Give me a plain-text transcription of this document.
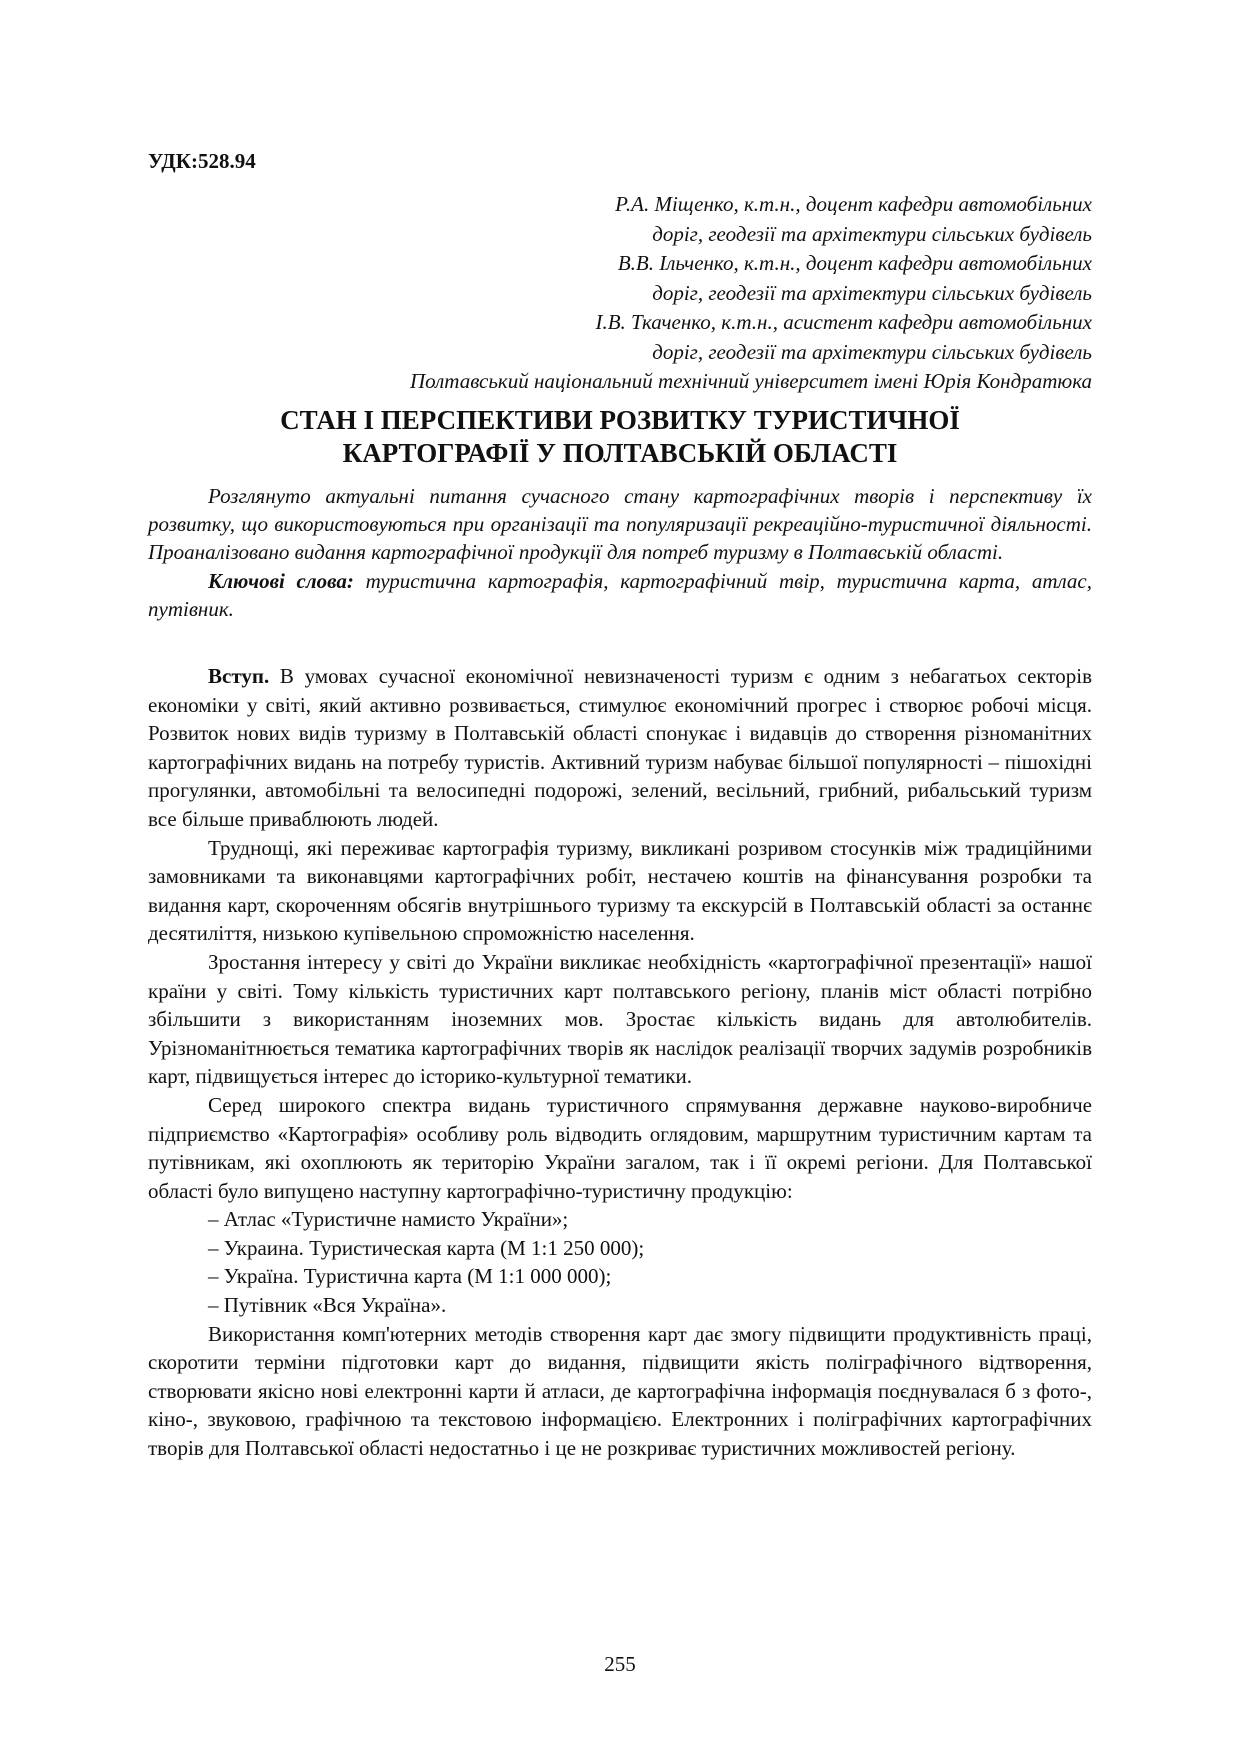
УДК:528.94
Р.А. Міщенко, к.т.н., доцент кафедри автомобільних
доріг, геодезії та архітектури сільських будівель
В.В. Ільченко, к.т.н., доцент кафедри автомобільних
доріг, геодезії та архітектури сільських будівель
І.В. Ткаченко, к.т.н., асистент кафедри автомобільних
доріг, геодезії та архітектури сільських будівель
Полтавський національний технічний університет імені Юрія Кондратюка
СТАН І ПЕРСПЕКТИВИ РОЗВИТКУ ТУРИСТИЧНОЇ
КАРТОГРАФІЇ У ПОЛТАВСЬКІЙ ОБЛАСТІ

Розглянуто актуальні питання сучасного стану картографічних творів і перспективу їх розвитку, що використовуються при організації та популяризації рекреаційно-туристичної діяльності. Проаналізовано видання картографічної продукції для потреб туризму в Полтавській області.

Ключові слова: туристична картографія, картографічний твір, туристична карта, атлас, путівник.

Вступ. В умовах сучасної економічної невизначеності туризм є одним з небагатьох секторів економіки у світі, який активно розвивається, стимулює економічний прогрес і створює робочі місця. Розвиток нових видів туризму в Полтавській області спонукає і видавців до створення різноманітних картографічних видань на потребу туристів. Активний туризм набуває більшої популярності – пішохідні прогулянки, автомобільні та велосипедні подорожі, зелений, весільний, грибний, рибальський туризм все більше приваблюють людей.

Труднощі, які переживає картографія туризму, викликані розривом стосунків між традиційними замовниками та виконавцями картографічних робіт, нестачею коштів на фінансування розробки та видання карт, скороченням обсягів внутрішнього туризму та екскурсій в Полтавській області за останнє десятиліття, низькою купівельною спроможністю населення.

Зростання інтересу у світі до України викликає необхідність «картографічної презентації» нашої країни у світі. Тому кількість туристичних карт полтавського регіону, планів міст області потрібно збільшити з використанням іноземних мов. Зростає кількість видань для автолюбителів. Урізноманітнюється тематика картографічних творів як наслідок реалізації творчих задумів розробників карт, підвищується інтерес до історико-культурної тематики.

Серед широкого спектра видань туристичного спрямування державне науково-виробниче підприємство «Картографія» особливу роль відводить оглядовим, маршрутним туристичним картам та путівникам, які охоплюють як територію України загалом, так і її окремі регіони. Для Полтавської області було випущено наступну картографічно-туристичну продукцію:

– Атлас «Туристичне намисто України»;
– Украина. Туристическая карта (М 1:1 250 000);
– Україна. Туристична карта (М 1:1 000 000);
– Путівник «Вся Україна».

Використання комп'ютерних методів створення карт дає змогу підвищити продуктивність праці, скоротити терміни підготовки карт до видання, підвищити якість поліграфічного відтворення, створювати якісно нові електронні карти й атласи, де картографічна інформація поєднувалася б з фото-, кіно-, звуковою, графічною та текстовою інформацією. Електронних і поліграфічних картографічних творів для Полтавської області недостатньо і це не розкриває туристичних можливостей регіону.

255
